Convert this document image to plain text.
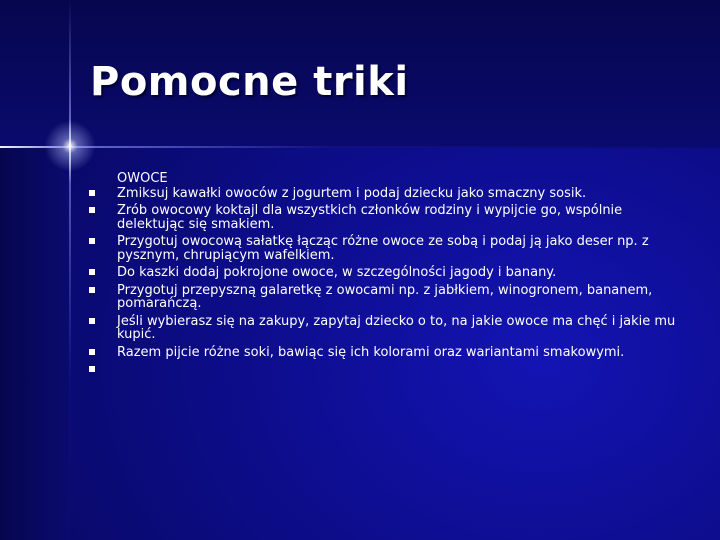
Pomocne triki
OWOCE
Zmiksuj kawałki owoców z jogurtem i podaj dziecku jako smaczny sosik.
Zrób owocowy koktajl dla wszystkich członków rodziny i wypijcie go, wspólnie delektując się smakiem.
Przygotuj owocową sałatkę łącząc różne owoce ze sobą i podaj ją jako deser np. z pysznym, chrupiącym wafelkiem.
Do kaszki dodaj pokrojone owoce, w szczególności jagody i banany.
Przygotuj przepyszną galaretkę z owocami np. z jabłkiem, winogronem, bananem, pomarańczą.
Jeśli wybierasz się na zakupy, zapytaj dziecko o to, na jakie owoce ma chęć i jakie mu kupić.
Razem pijcie różne soki, bawiąc się ich kolorami oraz wariantami smakowymi.
